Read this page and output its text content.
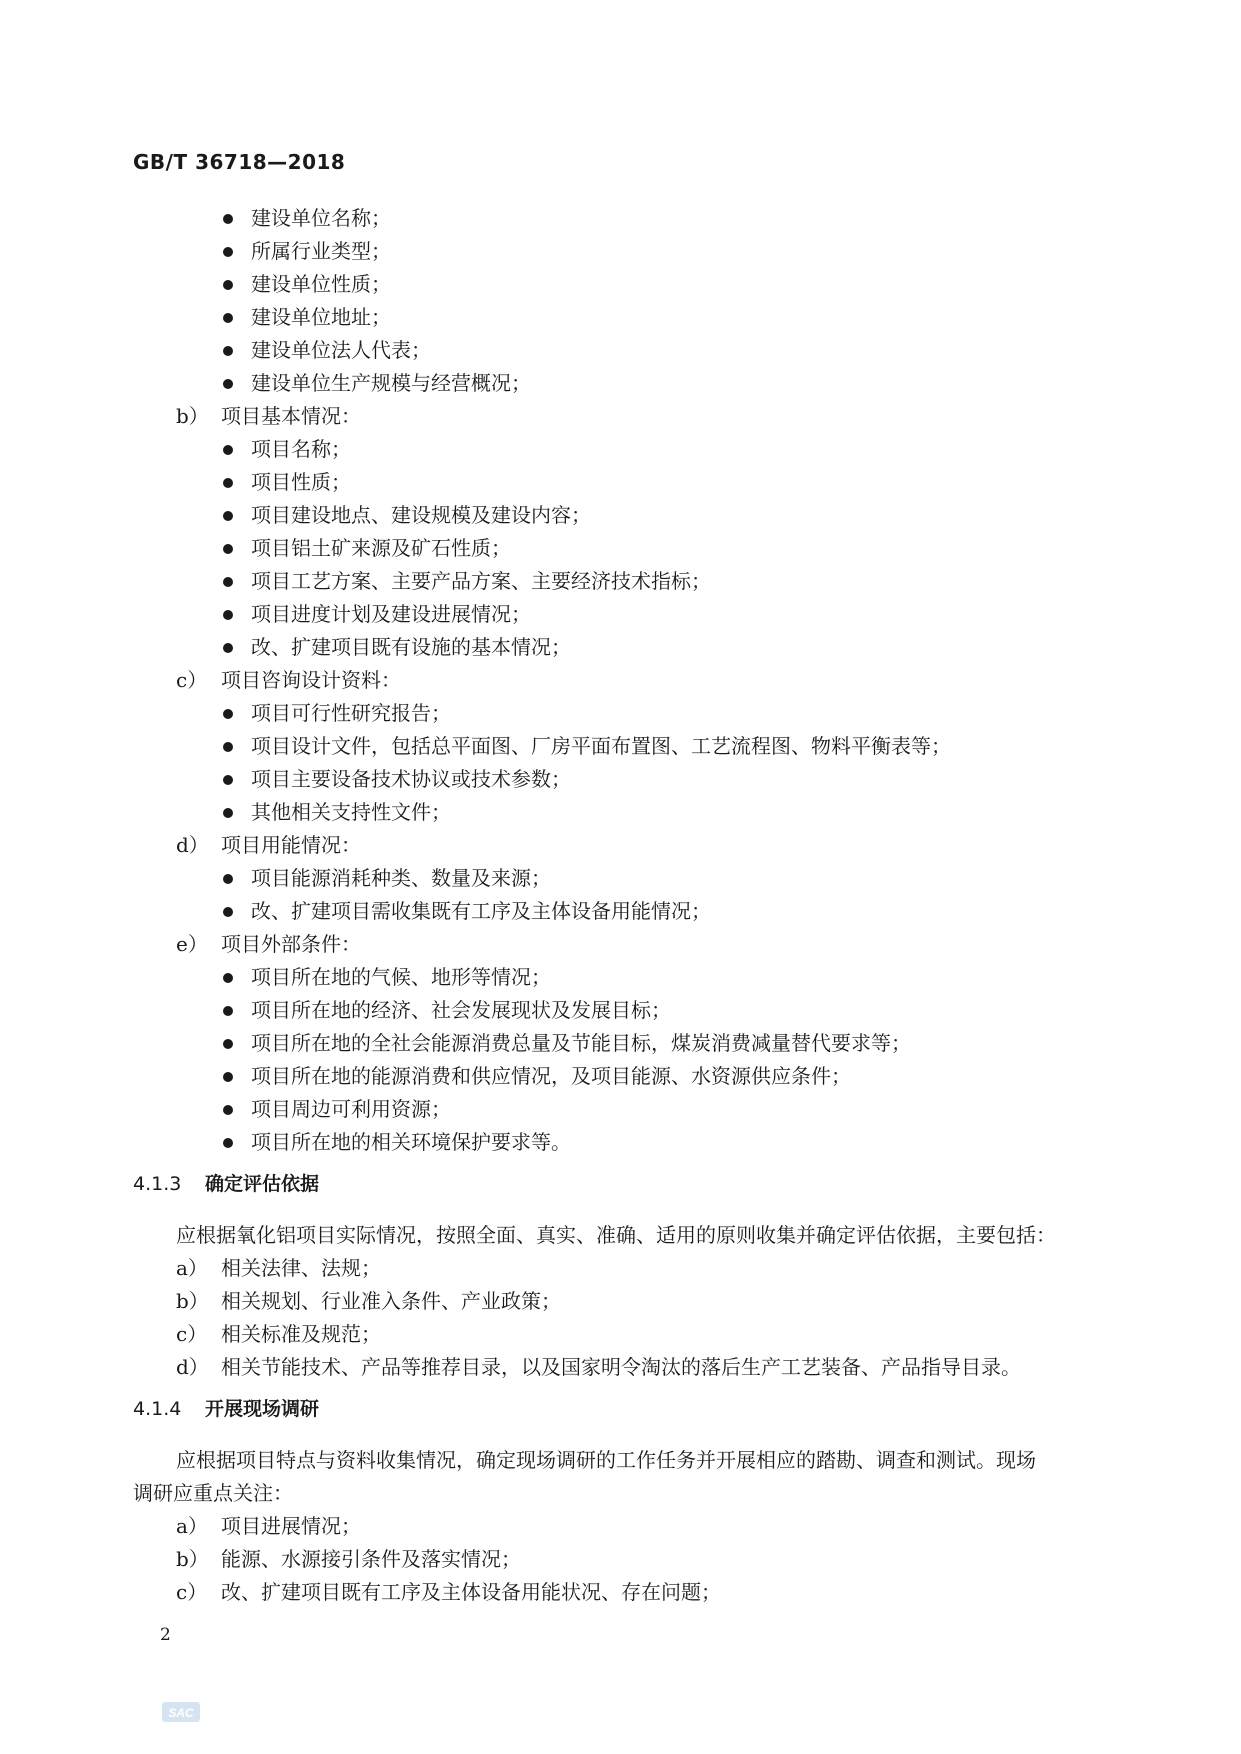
GB/T 36718—2018
建设单位名称；
所属行业类型；
建设单位性质；
建设单位地址；
建设单位法人代表；
建设单位生产规模与经营概况；
b） 项目基本情况：
项目名称；
项目性质；
项目建设地点、建设规模及建设内容；
项目铝土矿来源及矿石性质；
项目工艺方案、主要产品方案、主要经济技术指标；
项目进度计划及建设进展情况；
改、扩建项目既有设施的基本情况；
c） 项目咨询设计资料：
项目可行性研究报告；
项目设计文件，包括总平面图、厂房平面布置图、工艺流程图、物料平衡表等；
项目主要设备技术协议或技术参数；
其他相关支持性文件；
d） 项目用能情况：
项目能源消耗种类、数量及来源；
改、扩建项目需收集既有工序及主体设备用能情况；
e） 项目外部条件：
项目所在地的气候、地形等情况；
项目所在地的经济、社会发展现状及发展目标；
项目所在地的全社会能源消费总量及节能目标，煤炭消费减量替代要求等；
项目所在地的能源消费和供应情况，及项目能源、水资源供应条件；
项目周边可利用资源；
项目所在地的相关环境保护要求等。
4.1.3 确定评估依据
应根据氧化铝项目实际情况，按照全面、真实、准确、适用的原则收集并确定评估依据，主要包括：
a） 相关法律、法规；
b） 相关规划、行业准入条件、产业政策；
c） 相关标准及规范；
d） 相关节能技术、产品等推荐目录，以及国家明令淘汰的落后生产工艺装备、产品指导目录。
4.1.4 开展现场调研
应根据项目特点与资料收集情况，确定现场调研的工作任务并开展相应的踏勘、调查和测试。现场
调研应重点关注：
a） 项目进展情况；
b） 能源、水源接引条件及落实情况；
c） 改、扩建项目既有工序及主体设备用能状况、存在问题；
2
SAC
